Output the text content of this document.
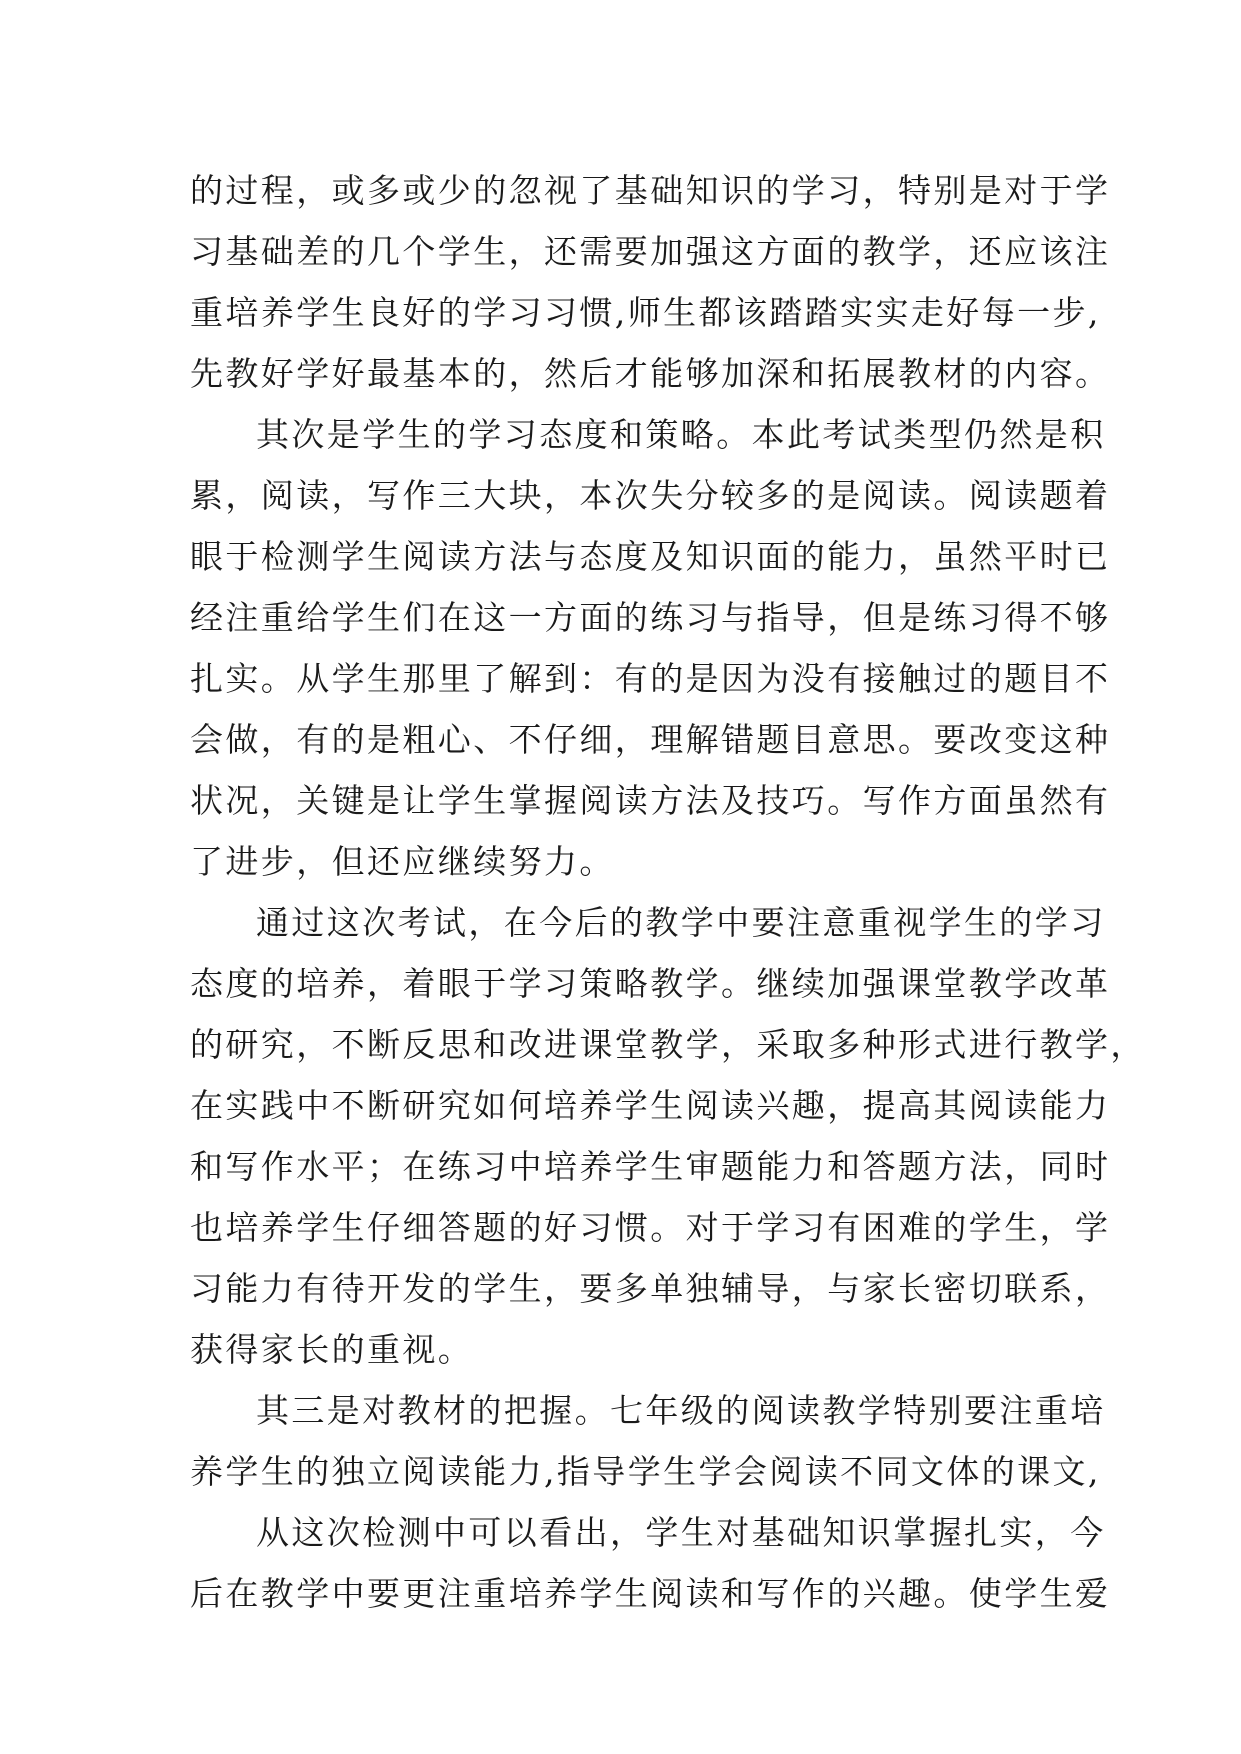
的过程，或多或少的忽视了基础知识的学习，特别是对于学
习基础差的几个学生，还需要加强这方面的教学，还应该注
重培养学生良好的学习习惯,师生都该踏踏实实走好每一步,
先教好学好最基本的，然后才能够加深和拓展教材的内容。
其次是学生的学习态度和策略。本此考试类型仍然是积
累，阅读，写作三大块，本次失分较多的是阅读。阅读题着
眼于检测学生阅读方法与态度及知识面的能力，虽然平时已
经注重给学生们在这一方面的练习与指导，但是练习得不够
扎实。从学生那里了解到：有的是因为没有接触过的题目不
会做，有的是粗心、不仔细，理解错题目意思。要改变这种
状况，关键是让学生掌握阅读方法及技巧。写作方面虽然有
了进步，但还应继续努力。
通过这次考试，在今后的教学中要注意重视学生的学习
态度的培养，着眼于学习策略教学。继续加强课堂教学改革
的研究，不断反思和改进课堂教学，采取多种形式进行教学，
在实践中不断研究如何培养学生阅读兴趣，提高其阅读能力
和写作水平；在练习中培养学生审题能力和答题方法，同时
也培养学生仔细答题的好习惯。对于学习有困难的学生，学
习能力有待开发的学生，要多单独辅导，与家长密切联系，
获得家长的重视。
其三是对教材的把握。七年级的阅读教学特别要注重培
养学生的独立阅读能力,指导学生学会阅读不同文体的课文,
从这次检测中可以看出，学生对基础知识掌握扎实，今
后在教学中要更注重培养学生阅读和写作的兴趣。使学生爱
